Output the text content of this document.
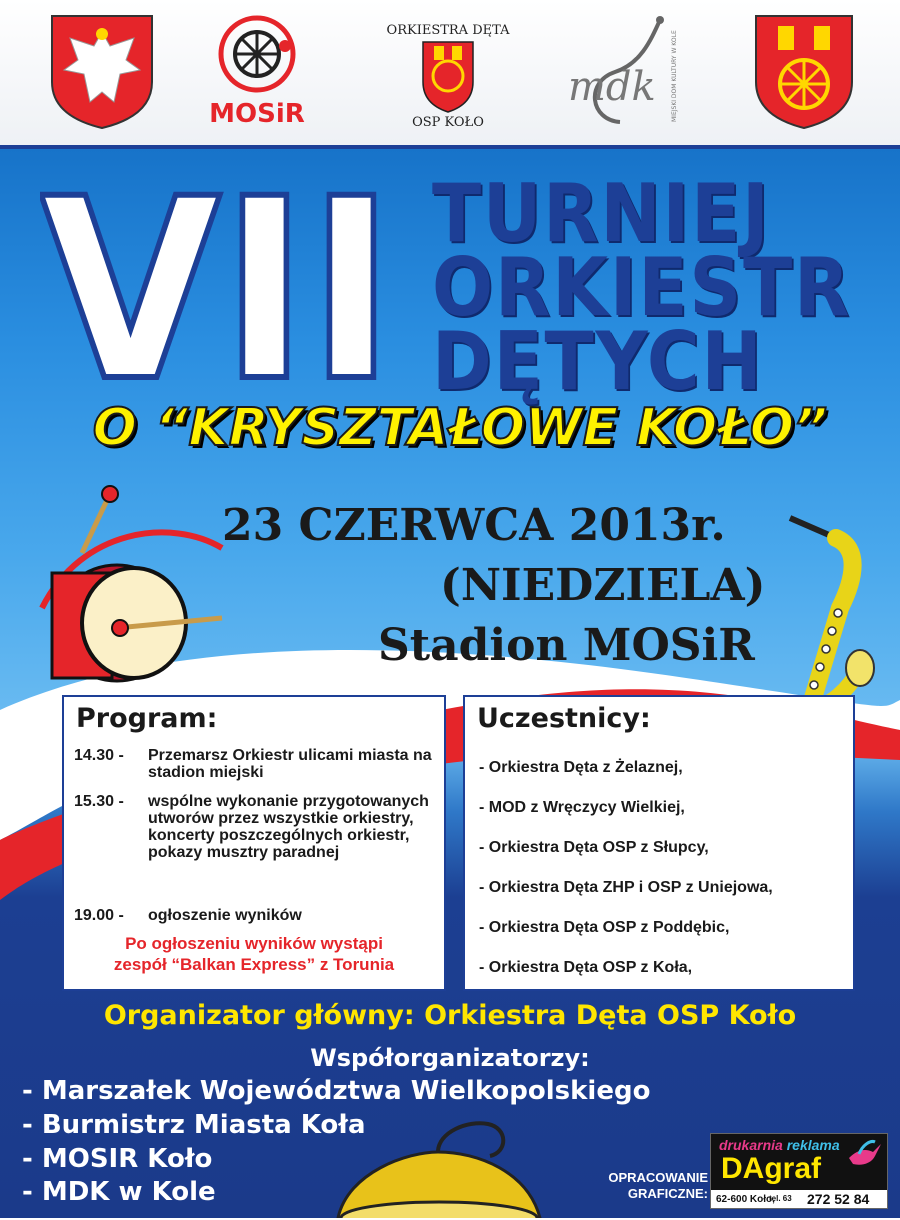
MOSiR
ORKIESTRA DĘTA
OSP KOŁO
mdk	MIEJSKI DOM KULTURY W KOLE
VII TURNIEJ
ORKIESTR
DĘTYCH
O “KRYSZTAŁOWE KOŁO”
23 CZERWCA 2013r.
(NIEDZIELA)
Stadion MOSiR
Program:
14.30 - Przemarsz Orkiestr ulicami miasta na stadion miejski
15.30 - wspólne wykonanie przygotowanych utworów przez wszystkie orkiestry, koncerty poszczególnych orkiestr, pokazy musztry paradnej
19.00 - ogłoszenie wyników
Po ogłoszeniu wyników wystąpi
zespół “Balkan Express” z Torunia
Uczestnicy:
- Orkiestra Dęta z Żelaznej,
- MOD z Wręczycy Wielkiej,
- Orkiestra Dęta OSP z Słupcy,
- Orkiestra Dęta ZHP i OSP z Uniejowa,
- Orkiestra Dęta OSP z Poddębic,
- Orkiestra Dęta OSP z Koła,
Organizator główny: Orkiestra Dęta OSP Koło
Współorganizatorzy:
- Marszałek Województwa Wielkopolskiego
- Burmistrz Miasta Koła
- MOSIR Koło
- MDK w Kole	OPRACOWANIE
GRAFICZNE:
drukarnia reklama
DAgraf
62-600 Koło,
tel. 63 272 52 84
